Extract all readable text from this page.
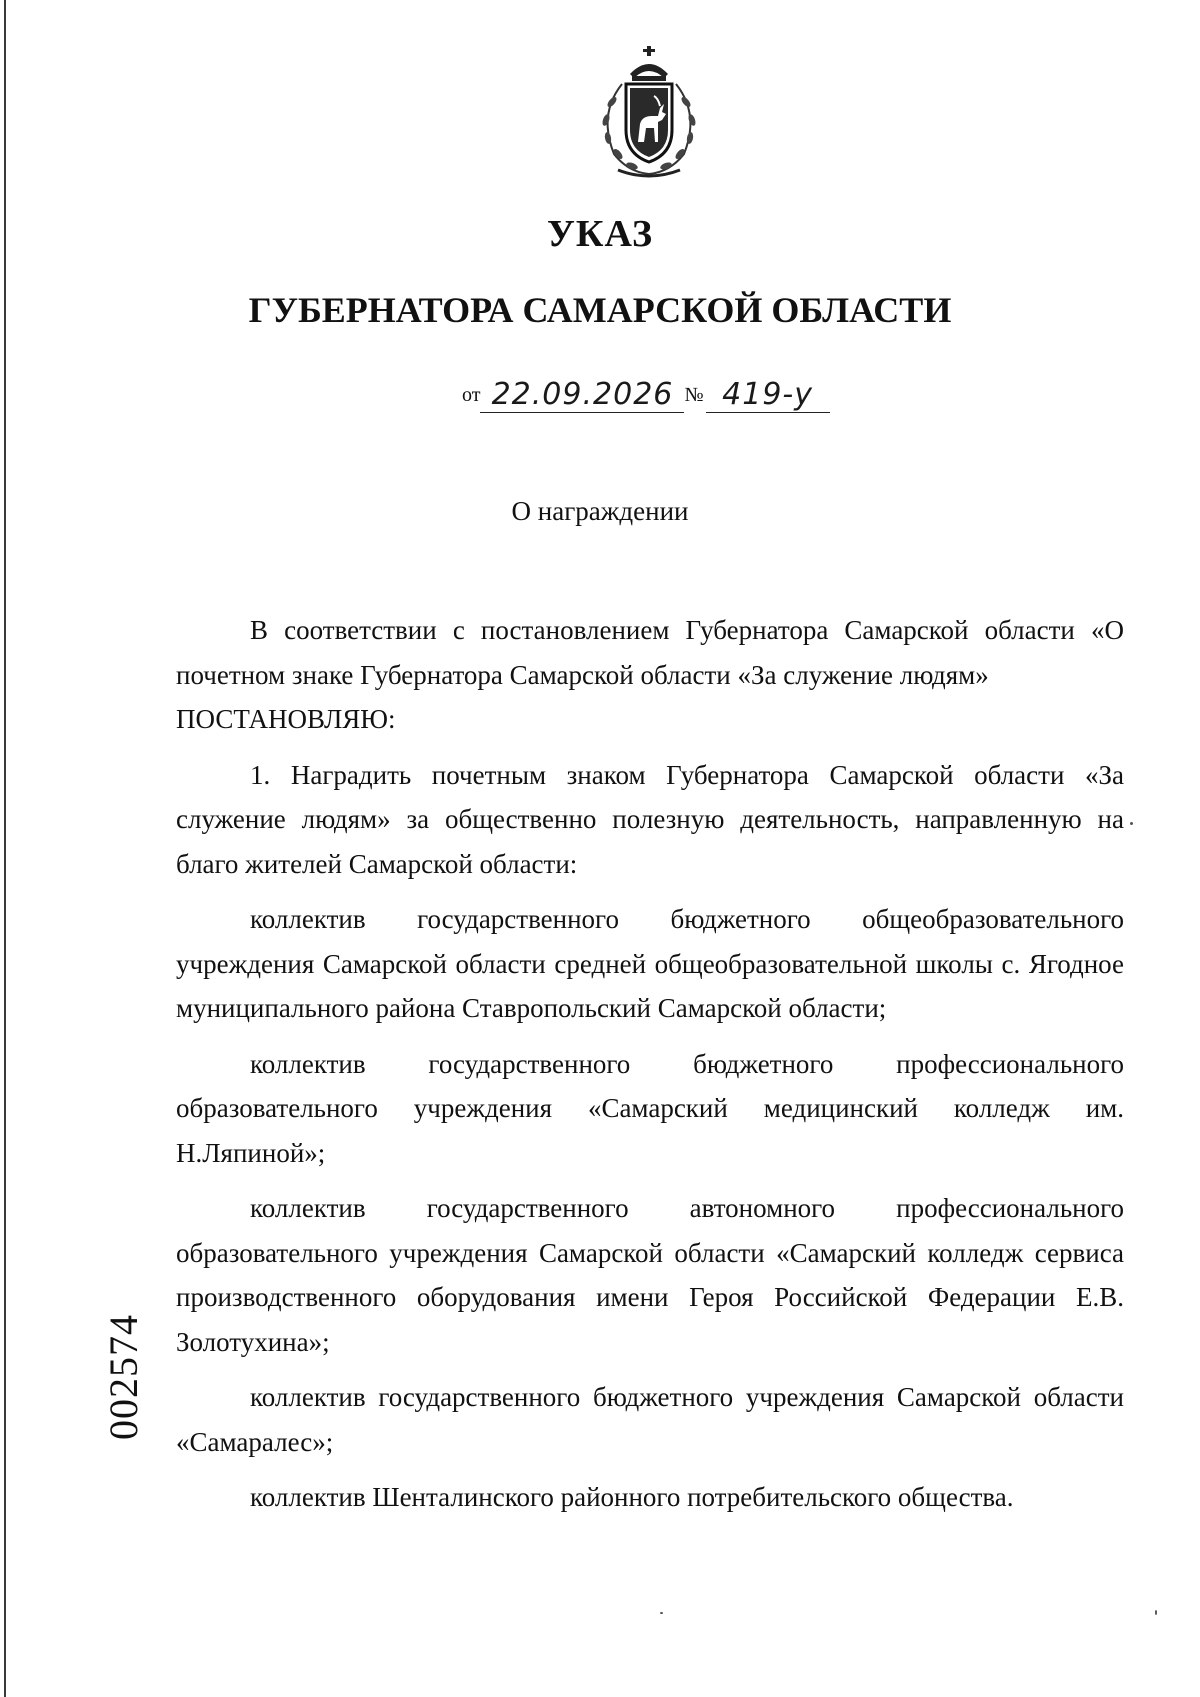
УКАЗ
ГУБЕРНАТОРА САМАРСКОЙ ОБЛАСТИ
от 22.09.2026 № 419-у
О награждении

В соответствии с постановлением Губернатора Самарской области «О почетном знаке Губернатора Самарской области «За служение людям»

ПОСТАНОВЛЯЮ:

1. Наградить почетным знаком Губернатора Самарской области «За служение людям» за общественно полезную деятельность, направленную на благо жителей Самарской области:

коллектив государственного бюджетного общеобразовательного учреждения Самарской области средней общеобразовательной школы с. Ягодное муниципального района Ставропольский Самарской области;

коллектив государственного бюджетного профессионального образовательного учреждения «Самарский медицинский колледж им. Н.Ляпиной»;

коллектив государственного автономного профессионального образовательного учреждения Самарской области «Самарский колледж сервиса производственного оборудования имени Героя Российской Федерации Е.В. Золотухина»;

коллектив государственного бюджетного учреждения Самарской области «Самаралес»;

коллектив Шенталинского районного потребительского общества.

002574
